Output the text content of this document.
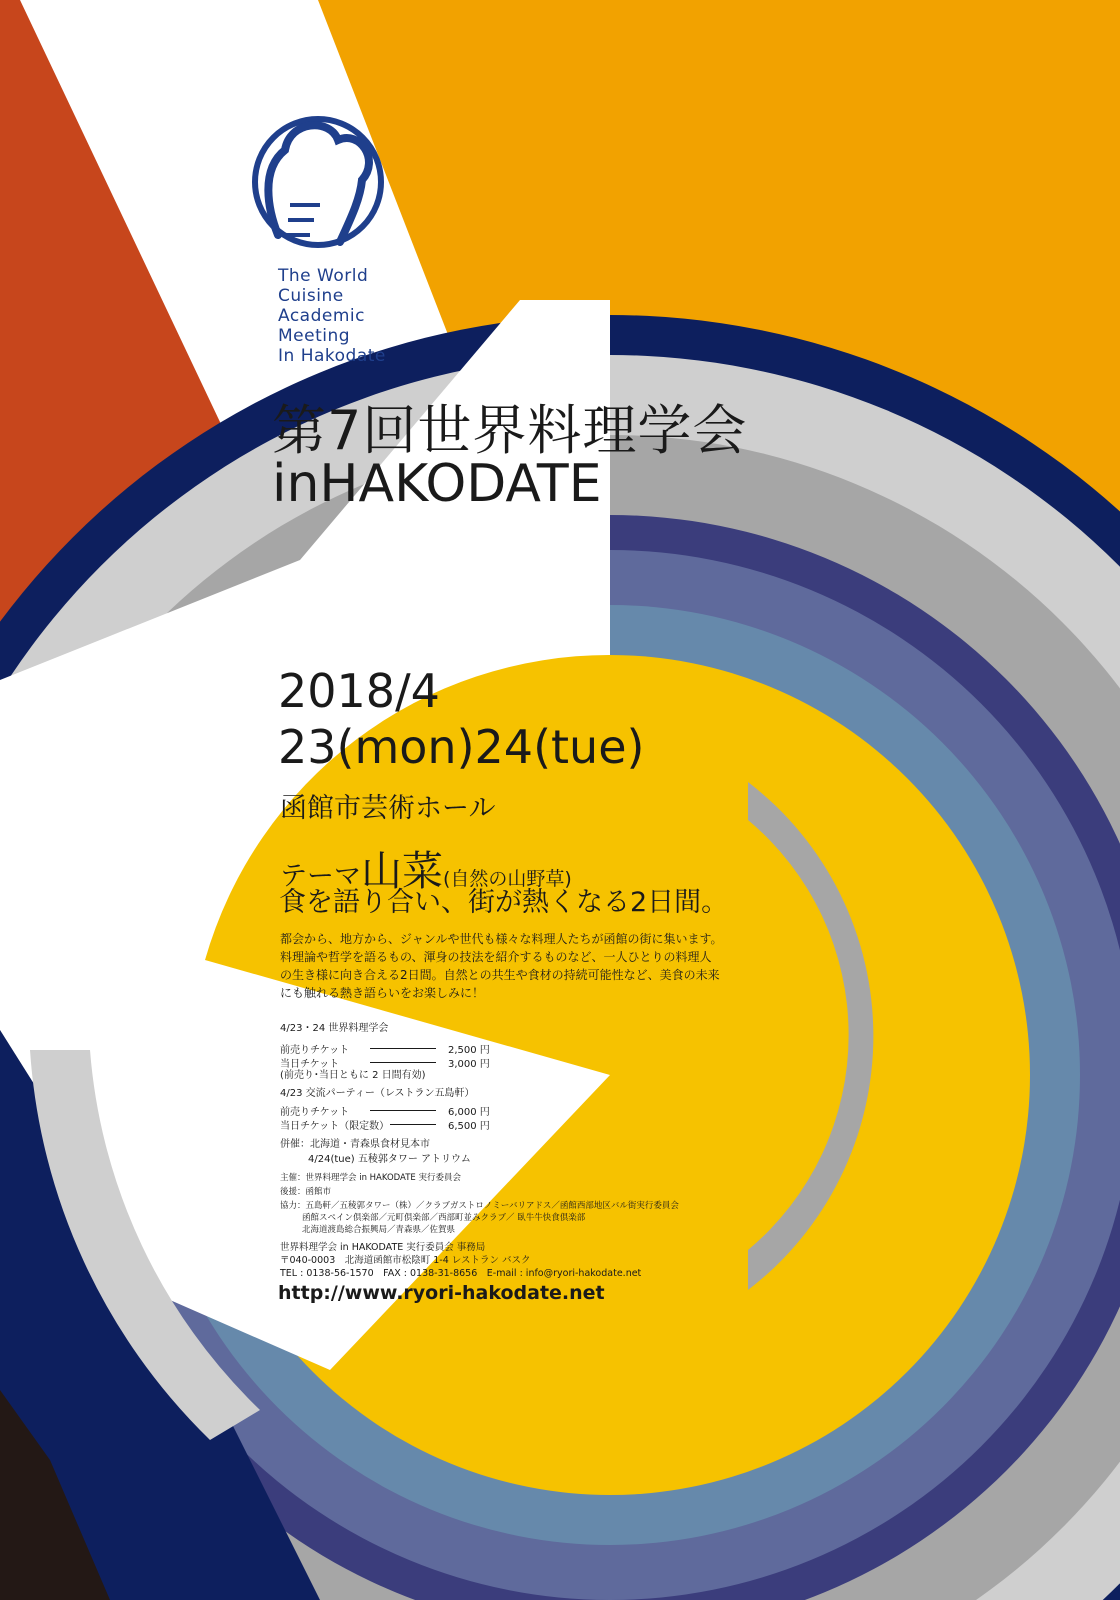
The World
Cuisine
Academic
Meeting
In Hakodate
第7回世界料理学会
inHAKODATE
2018/4
23(mon)24(tue)
函館市芸術ホール
テーマ山菜(自然の山野草)
食を語り合い、街が熱くなる2日間。
都会から、地方から、ジャンルや世代も様々な料理人たちが函館の街に集います。
料理論や哲学を語るもの、渾身の技法を紹介するものなど、一人ひとりの料理人
の生き様に向き合える2日間。自然との共生や食材の持続可能性など、美食の未来
にも触れる熱き語らいをお楽しみに！
4/23・24 世界料理学会
前売りチケット	2,500 円
当日チケット	3,000 円
(前売り･当日ともに 2 日間有効)
4/23 交流パーティー（レストラン五島軒）
前売りチケット	6,000 円
当日チケット（限定数）	6,500 円
併催：北海道・青森県食材見本市
4/24(tue) 五稜郭タワー アトリウム
主催：世界料理学会 in HAKODATE 実行委員会
後援：函館市
協力：五島軒／五稜郭タワー（株）／クラブガストロノミーバリアドス／函館西部地区バル街実行委員会
函館スペイン倶楽部／元町倶楽部／西部町並みクラブ／ 臥牛牛快食倶楽部
北海道渡島総合振興局／青森県／佐賀県
世界料理学会 in HAKODATE 実行委員会 事務局
〒040-0003　北海道函館市松陰町 1-4 レストラン バスク
TEL : 0138-56-1570　FAX : 0138-31-8656　E-mail : info@ryori-hakodate.net
http://www.ryori-hakodate.net
